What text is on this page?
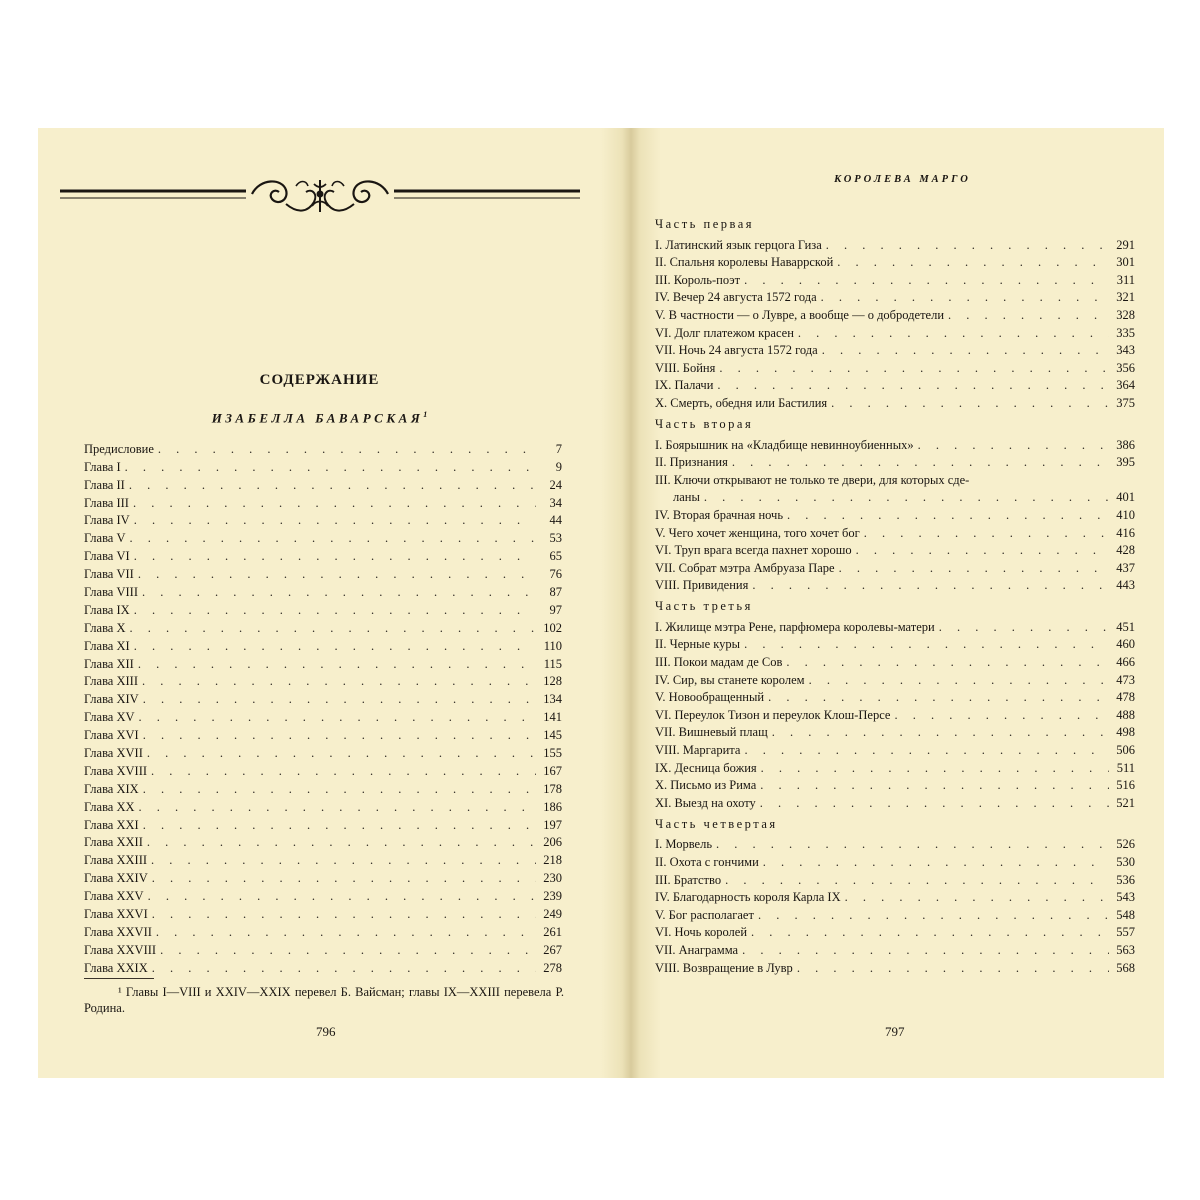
СОДЕРЖАНИЕ
ИЗАБЕЛЛА БАВАРСКАЯ$^1$
Предисловие . . .	7
Глава I . . .	9
Глава II . . .	24
Глава III . . .	34
Глава IV . . .	44
Глава V . . .	53
Глава VI . . .	65
Глава VII . . .	76
Глава VIII . . .	87
Глава IX . . .	97
Глава X . . .	102
Глава XI . . .	110
Глава XII . . .	115
Глава XIII . . .	128
Глава XIV . . .	134
Глава XV . . .	141
Глава XVI . . .	145
Глава XVII . . .	155
Глава XVIII . . .	167
Глава XIX . . .	178
Глава XX . . .	186
Глава XXI . . .	197
Глава XXII . . .	206
Глава XXIII . . .	218
Глава XXIV . . .	230
Глава XXV . . .	239
Глава XXVI . . .	249
Глава XXVII . . .	261
Глава XXVIII . . .	267
Глава XXIX . . .	278
¹ Главы I—VIII и XXIV—XXIX перевел Б. Вайсман; главы IX—XXIII перевела Р. Родина.
796
КОРОЛЕВА МАРГО
Часть первая
I. Латинский язык герцога Гиза . . .	291
II. Спальня королевы Наваррской . . .	301
III. Король-поэт . . .	311
IV. Вечер 24 августа 1572 года . . .	321
V. В частности — о Лувре, а вообще — о добродетели . . .	328
VI. Долг платежом красен . . .	335
VII. Ночь 24 августа 1572 года . . .	343
VIII. Бойня . . .	356
IX. Палачи . . .	364
X. Смерть, обедня или Бастилия . . .	375
Часть вторая
I. Боярышник на «Кладбище невинноубиенных» . . .	386
II. Признания . . .	395
III. Ключи открывают не только те двери, для которых сде-
ланы . . .	401
IV. Вторая брачная ночь . . .	410
V. Чего хочет женщина, того хочет бог . . .	416
VI. Труп врага всегда пахнет хорошо . . .	428
VII. Собрат мэтра Амбруаза Паре . . .	437
VIII. Привидения . . .	443
Часть третья
I. Жилище мэтра Рене, парфюмера королевы-матери . . .	451
II. Черные куры . . .	460
III. Покои мадам де Сов . . .	466
IV. Сир, вы станете королем . . .	473
V. Новообращенный . . .	478
VI. Переулок Тизон и переулок Клош-Персе . . .	488
VII. Вишневый плащ . . .	498
VIII. Маргарита . . .	506
IX. Десница божия . . .	511
X. Письмо из Рима . . .	516
XI. Выезд на охоту . . .	521
Часть четвертая
I. Морвель . . .	526
II. Охота с гончими . . .	530
III. Братство . . .	536
IV. Благодарность короля Карла IX . . .	543
V. Бог располагает . . .	548
VI. Ночь королей . . .	557
VII. Анаграмма . . .	563
VIII. Возвращение в Лувр . . .	568
797
